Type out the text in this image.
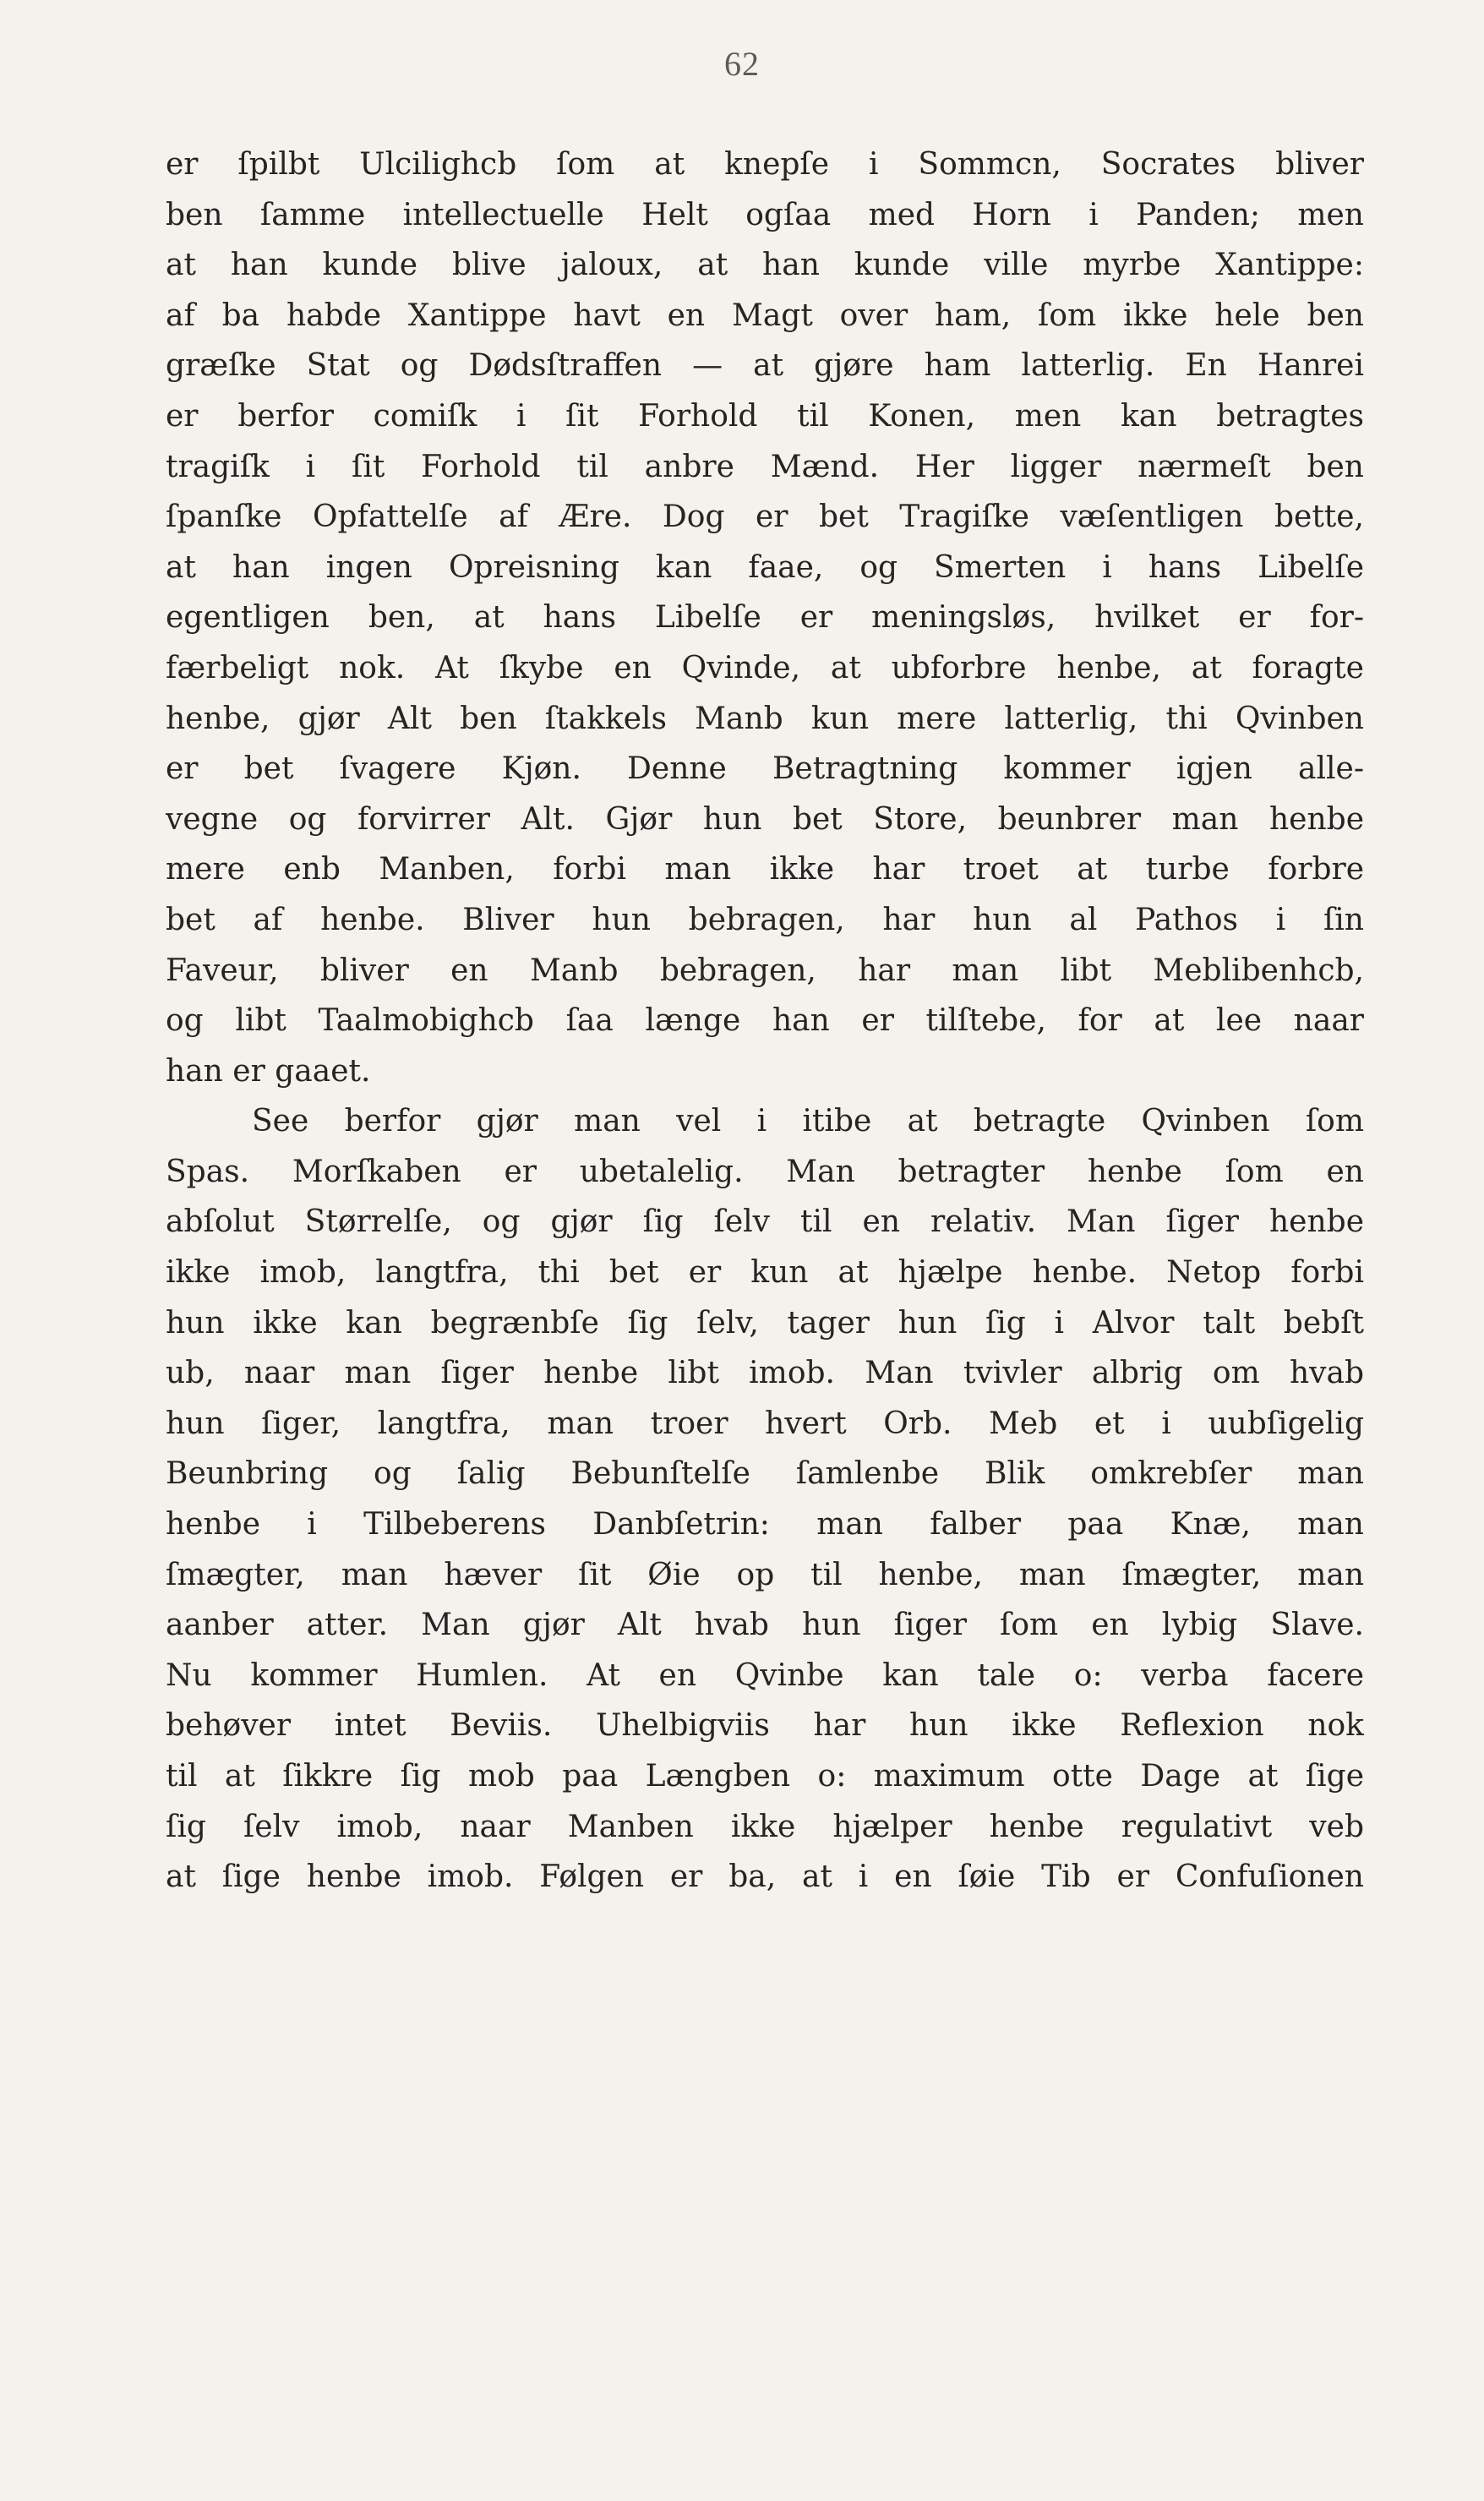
62
er ſpilbt Ulcilighcb ſom at knepſe i Sommcn, Socrates bliver
ben ſamme intellectuelle Helt ogſaa med Horn i Panden; men
at han kunde blive jaloux, at han kunde ville myrbe Xantippe:
af ba habde Xantippe havt en Magt over ham, ſom ikke hele ben
græſke Stat og Dødsſtraffen — at gjøre ham latterlig. En Hanrei
er berfor comiſk i ſit Forhold til Konen, men kan betragtes
tragiſk i ſit Forhold til anbre Mænd. Her ligger nærmeſt ben
ſpanſke Opfattelſe af Ære. Dog er bet Tragiſke væſentligen bette,
at han ingen Opreisning kan faae, og Smerten i hans Libelſe
egentligen ben, at hans Libelſe er meningsløs, hvilket er for-
færbeligt nok. At ſkybe en Qvinde, at ubforbre henbe, at foragte
henbe, gjør Alt ben ſtakkels Manb kun mere latterlig, thi Qvinben
er bet ſvagere Kjøn. Denne Betragtning kommer igjen alle-
vegne og forvirrer Alt. Gjør hun bet Store, beunbrer man henbe
mere enb Manben, forbi man ikke har troet at turbe forbre
bet af henbe. Bliver hun bebragen, har hun al Pathos i ſin
Faveur, bliver en Manb bebragen, har man libt Meblibenhcb,
og libt Taalmobighcb ſaa længe han er tilſtebe, for at lee naar
han er gaaet.
See berfor gjør man vel i itibe at betragte Qvinben ſom
Spas. Morſkaben er ubetalelig. Man betragter henbe ſom en
abſolut Størrelſe, og gjør ſig ſelv til en relativ. Man ſiger henbe
ikke imob, langtfra, thi bet er kun at hjælpe henbe. Netop forbi
hun ikke kan begrænbſe ſig ſelv, tager hun ſig i Alvor talt bebſt
ub, naar man ſiger henbe libt imob. Man tvivler albrig om hvab
hun ſiger, langtfra, man troer hvert Orb. Meb et i uubſigelig
Beunbring og ſalig Bebunſtelſe ſamlenbe Blik omkrebſer man
henbe i Tilbeberens Danbſetrin: man falber paa Knæ, man
ſmægter, man hæver ſit Øie op til henbe, man ſmægter, man
aanber atter. Man gjør Alt hvab hun ſiger ſom en lybig Slave.
Nu kommer Humlen. At en Qvinbe kan tale o: verba facere
behøver intet Beviis. Uhelbigviis har hun ikke Reflexion nok
til at ſikkre ſig mob paa Længben o: maximum otte Dage at ſige
ſig ſelv imob, naar Manben ikke hjælper henbe regulativt veb
at ſige henbe imob. Følgen er ba, at i en ſøie Tib er Confuſionen
